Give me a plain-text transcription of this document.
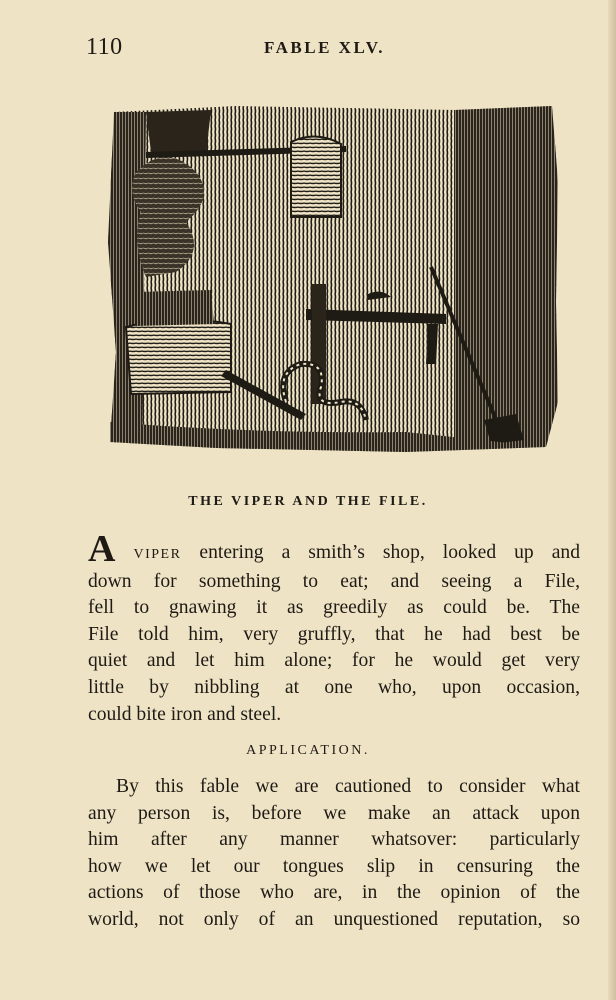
110	FABLE XLV.
THE VIPER AND THE FILE.
A VIPER entering a smith’s shop, looked up and
down for something to eat; and seeing a File,
fell to gnawing it as greedily as could be. The
File told him, very gruffly, that he had best be
quiet and let him alone; for he would get very
little by nibbling at one who, upon occasion,
could bite iron and steel.
APPLICATION.
By this fable we are cautioned to consider what
any person is, before we make an attack upon
him after any manner whatsover: particularly
how we let our tongues slip in censuring the
actions of those who are, in the opinion of the
world, not only of an unquestioned reputation, so
